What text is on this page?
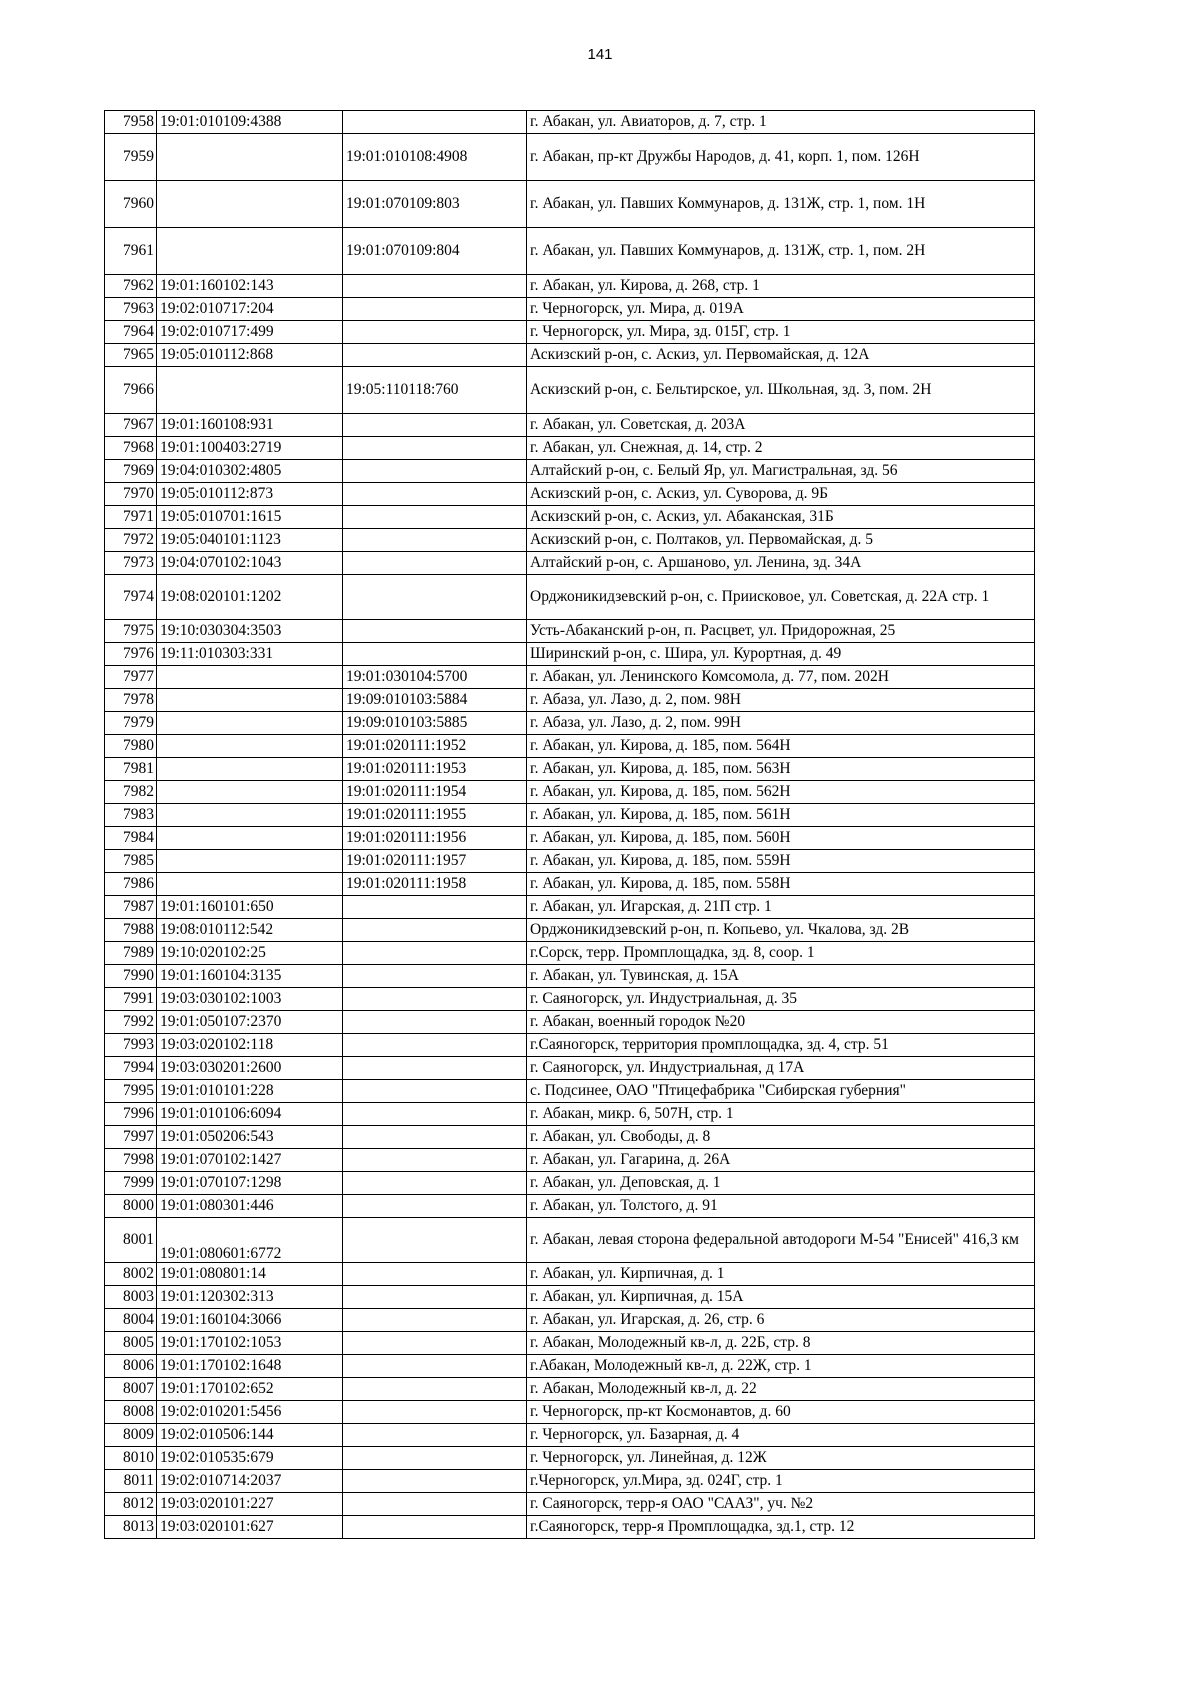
141
7958	19:01:010109:4388		г. Абакан, ул. Авиаторов, д. 7, стр. 1
7959		19:01:010108:4908	г. Абакан, пр-кт Дружбы Народов, д. 41, корп. 1, пом. 126Н
7960		19:01:070109:803	г. Абакан, ул. Павших Коммунаров, д. 131Ж, стр. 1, пом. 1Н
7961		19:01:070109:804	г. Абакан, ул. Павших Коммунаров, д. 131Ж, стр. 1, пом. 2Н
7962	19:01:160102:143		г. Абакан, ул. Кирова, д. 268, стр. 1
7963	19:02:010717:204		г. Черногорск, ул. Мира, д. 019А
7964	19:02:010717:499		г. Черногорск, ул. Мира, зд. 015Г, стр. 1
7965	19:05:010112:868		Аскизский р-он, с. Аскиз, ул. Первомайская, д. 12А
7966		19:05:110118:760	Аскизский р-он, с. Бельтирское, ул. Школьная, зд. 3, пом. 2Н
7967	19:01:160108:931		г. Абакан, ул. Советская, д. 203А
7968	19:01:100403:2719		г. Абакан, ул. Снежная, д. 14, стр. 2
7969	19:04:010302:4805		Алтайский р-он, с. Белый Яр, ул. Магистральная, зд. 56
7970	19:05:010112:873		Аскизский р-он, с. Аскиз, ул. Суворова, д. 9Б
7971	19:05:010701:1615		Аскизский р-он, с. Аскиз, ул. Абаканская, 31Б
7972	19:05:040101:1123		Аскизский р-он, с. Полтаков, ул. Первомайская, д. 5
7973	19:04:070102:1043		Алтайский р-он, с. Аршаново, ул. Ленина, зд. 34А
7974	19:08:020101:1202		Орджоникидзевский р-он, с. Приисковое, ул. Советская, д. 22А стр. 1
7975	19:10:030304:3503		Усть-Абаканский р-он, п. Расцвет, ул. Придорожная, 25
7976	19:11:010303:331		Ширинский р-он, с. Шира, ул. Курортная, д. 49
7977		19:01:030104:5700	г. Абакан, ул. Ленинского Комсомола, д. 77, пом. 202Н
7978		19:09:010103:5884	г. Абаза, ул. Лазо, д. 2, пом. 98Н
7979		19:09:010103:5885	г. Абаза, ул. Лазо, д. 2, пом. 99Н
7980		19:01:020111:1952	г. Абакан, ул. Кирова, д. 185, пом. 564Н
7981		19:01:020111:1953	г. Абакан, ул. Кирова, д. 185, пом. 563Н
7982		19:01:020111:1954	г. Абакан, ул. Кирова, д. 185, пом. 562Н
7983		19:01:020111:1955	г. Абакан, ул. Кирова, д. 185, пом. 561Н
7984		19:01:020111:1956	г. Абакан, ул. Кирова, д. 185, пом. 560Н
7985		19:01:020111:1957	г. Абакан, ул. Кирова, д. 185, пом. 559Н
7986		19:01:020111:1958	г. Абакан, ул. Кирова, д. 185, пом. 558Н
7987	19:01:160101:650		г. Абакан, ул. Игарская, д. 21П стр. 1
7988	19:08:010112:542		Орджоникидзевский р-он, п. Копьево, ул. Чкалова, зд. 2В
7989	19:10:020102:25		г.Сорск, терр. Промплощадка, зд. 8, соор. 1
7990	19:01:160104:3135		г. Абакан, ул. Тувинская, д. 15А
7991	19:03:030102:1003		г. Саяногорск, ул. Индустриальная, д. 35
7992	19:01:050107:2370		г. Абакан, военный городок №20
7993	19:03:020102:118		г.Саяногорск, территория промплощадка, зд. 4, стр. 51
7994	19:03:030201:2600		г. Саяногорск, ул. Индустриальная, д 17А
7995	19:01:010101:228		с. Подсинее, ОАО "Птицефабрика "Сибирская губерния"
7996	19:01:010106:6094		г. Абакан, микр. 6, 507Н, стр. 1
7997	19:01:050206:543		г. Абакан, ул. Свободы, д. 8
7998	19:01:070102:1427		г. Абакан, ул. Гагарина, д. 26А
7999	19:01:070107:1298		г. Абакан, ул. Деповская, д. 1
8000	19:01:080301:446		г. Абакан, ул. Толстого, д. 91
8001	19:01:080601:6772		г. Абакан, левая сторона федеральной автодороги М-54 "Енисей" 416,3 км
8002	19:01:080801:14		г. Абакан, ул. Кирпичная, д. 1
8003	19:01:120302:313		г. Абакан, ул. Кирпичная, д. 15А
8004	19:01:160104:3066		г. Абакан, ул. Игарская, д. 26, стр. 6
8005	19:01:170102:1053		г. Абакан, Молодежный кв-л, д. 22Б, стр. 8
8006	19:01:170102:1648		г.Абакан, Молодежный кв-л, д. 22Ж, стр. 1
8007	19:01:170102:652		г. Абакан, Молодежный кв-л, д. 22
8008	19:02:010201:5456		г. Черногорск, пр-кт Космонавтов, д. 60
8009	19:02:010506:144		г. Черногорск, ул. Базарная, д. 4
8010	19:02:010535:679		г. Черногорск, ул. Линейная, д. 12Ж
8011	19:02:010714:2037		г.Черногорск, ул.Мира, зд. 024Г, стр. 1
8012	19:03:020101:227		г. Саяногорск, терр-я ОАО "СААЗ", уч. №2
8013	19:03:020101:627		г.Саяногорск, терр-я Промплощадка, зд.1, стр. 12
